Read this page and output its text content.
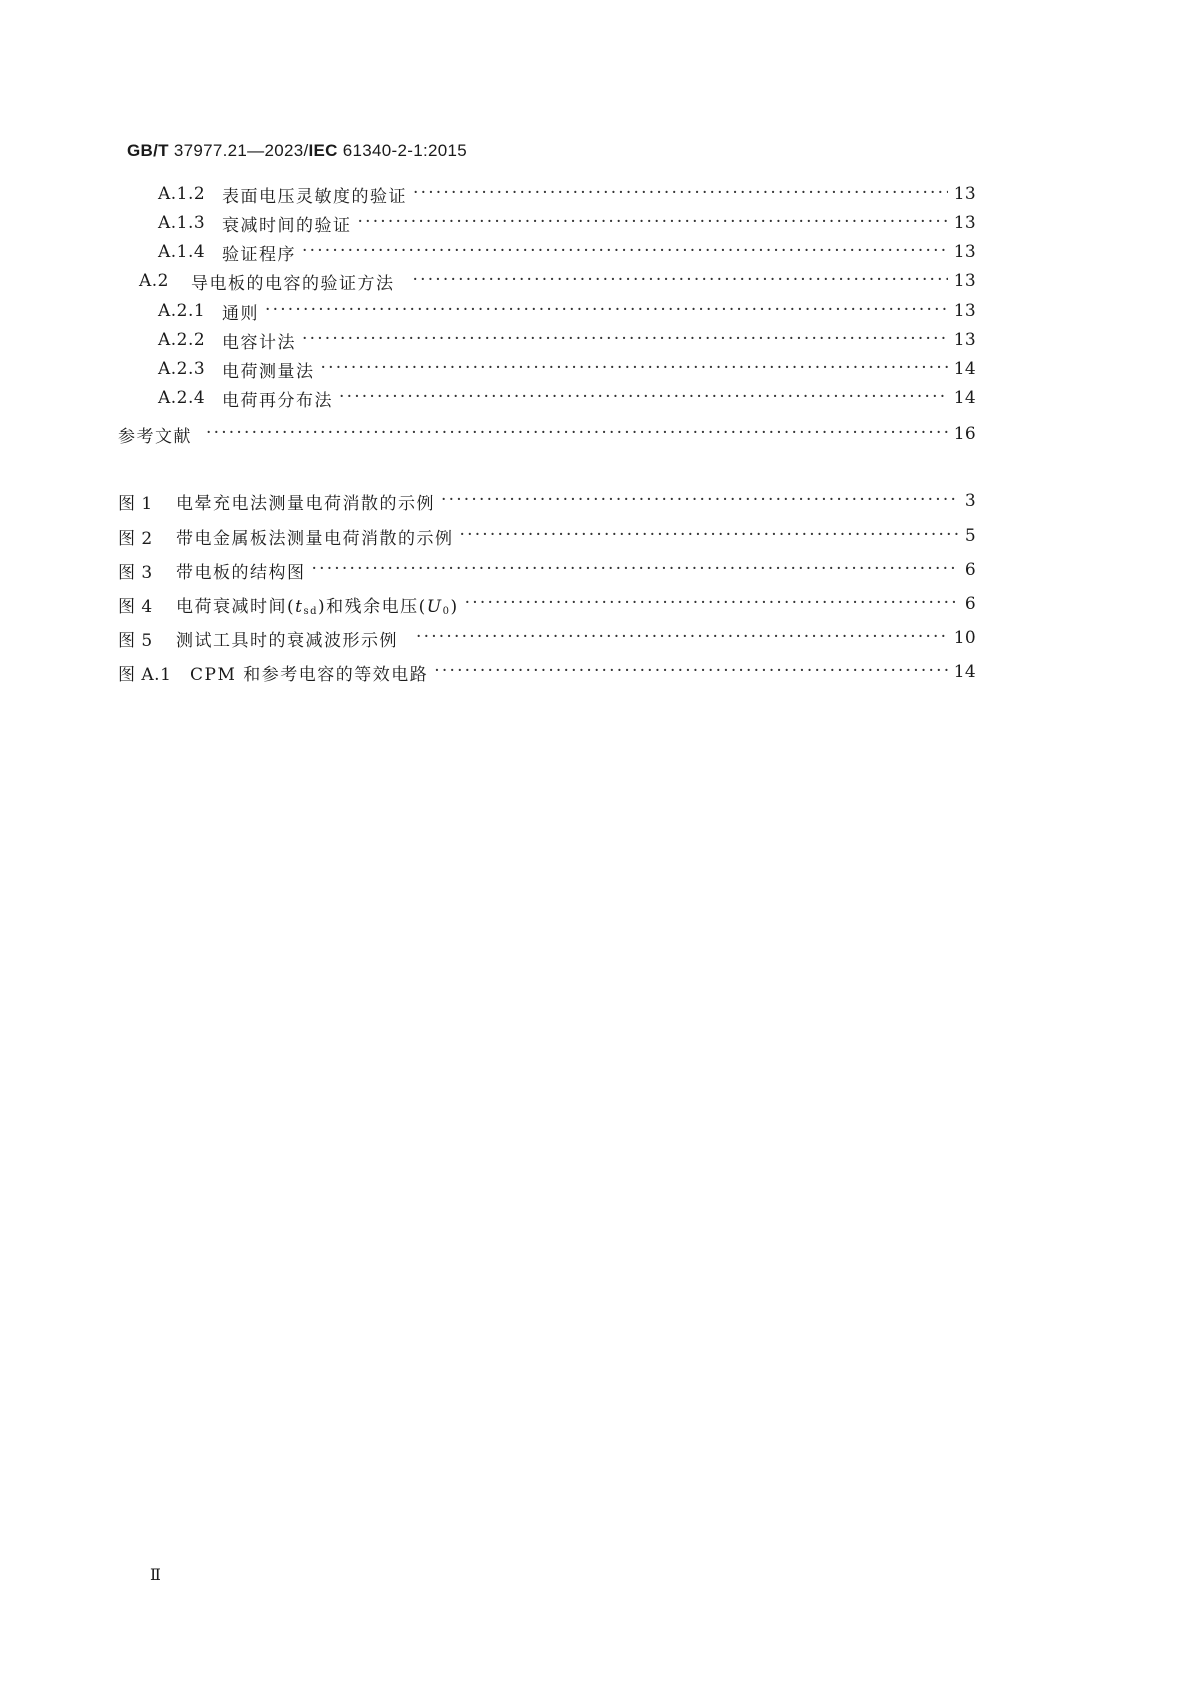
GB/T 37977.21—2023/IEC 61340-2-1:2015
A.1.2 表面电压灵敏度的验证 ·····	13
A.1.3 衰减时间的验证 ·····	13
A.1.4 验证程序 ·····	13
A.2	导电板的电容的验证方法 ·····	13
A.2.1 通则 ·····	13
A.2.2 电容计法 ·····	13
A.2.3 电荷测量法 ·····	14
A.2.4 电荷再分布法 ·····	14
参考文献 ·····	16
图 1	电晕充电法测量电荷消散的示例 ·····	3
图 2	带电金属板法测量电荷消散的示例 ·····	5
图 3	带电板的结构图 ·····	6
图 4	电荷衰减时间$(t_{sd})$和残余电压$(U_0)$ ·····	6
图 5	测试工具时的衰减波形示例 ·····	10
图 A.1	CPM 和参考电容的等效电路 ·····	14
Ⅱ
